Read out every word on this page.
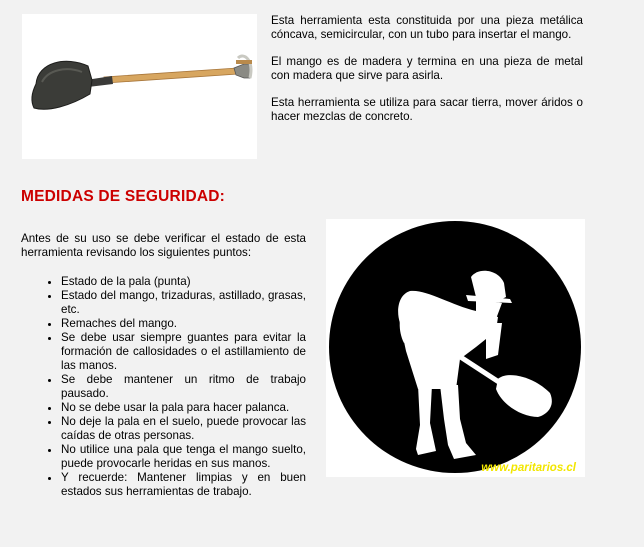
Esta herramienta esta constituida por una pieza metálica cóncava, semicircular, con un tubo para insertar el mango.

El mango es de madera y termina en una pieza de metal con madera que sirve para asirla.

Esta herramienta se utiliza para sacar tierra, mover áridos o hacer mezclas de concreto.

MEDIDAS DE SEGURIDAD:

Antes de su uso se debe verificar el estado de esta herramienta revisando los siguientes puntos:

• Estado de la pala (punta)
• Estado del mango, trizaduras, astillado, grasas, etc.
• Remaches del mango.
• Se debe usar siempre guantes para evitar la formación de callosidades o el astillamiento de las manos.
• Se debe mantener un ritmo de trabajo pausado.
• No se debe usar la pala para hacer palanca.
• No deje la pala en el suelo, puede provocar las caídas de otras personas.
• No utilice una pala que tenga el mango suelto, puede provocarle heridas en sus manos.
• Y recuerde: Mantener limpias y en buen estados sus herramientas de trabajo.
www.paritarios.cl
